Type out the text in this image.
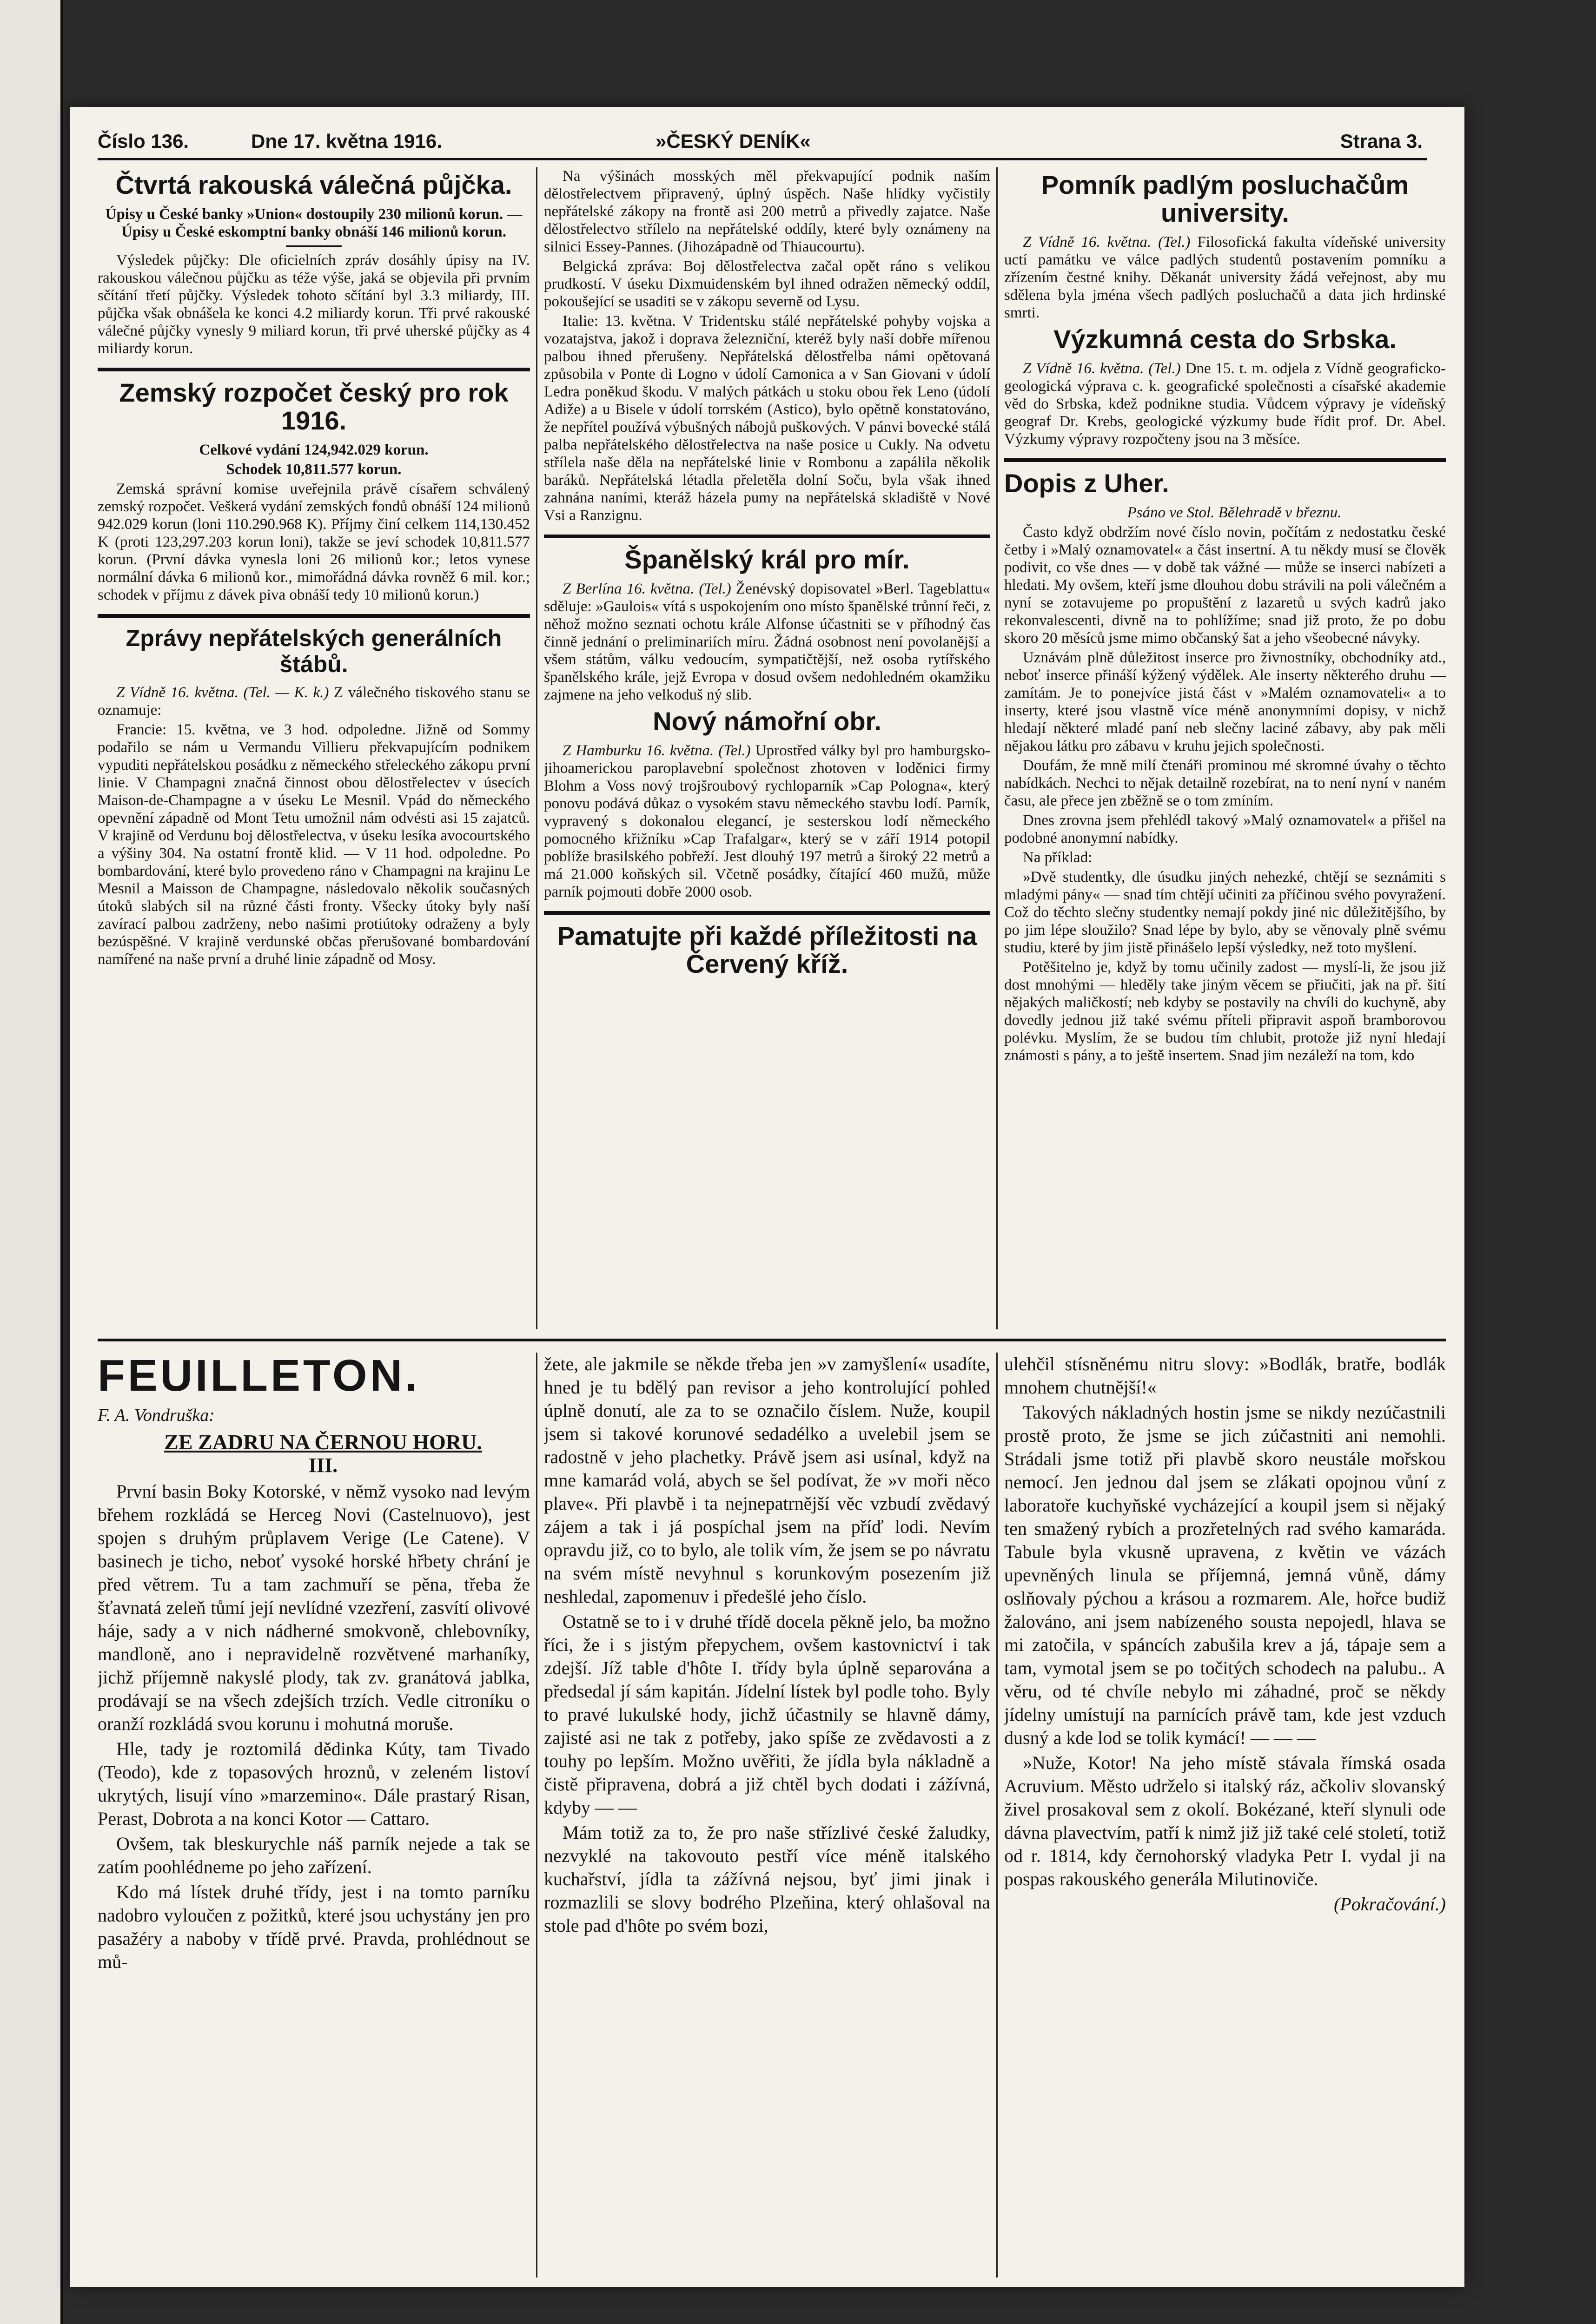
Číslo 136.	Dne 17. května 1916.	»ČESKÝ DENÍK«	Strana 3.
Čtvrtá rakouská válečná půjčka.

Úpisy u České banky »Union« dostoupily 230 milionů korun. — Úpisy u České eskomptní banky obnáší 146 milionů korun.

Výsledek půjčky: Dle oficielních zpráv dosáhly úpisy na IV. rakouskou válečnou půjčku as téže výše, jaká se objevila při prvním sčítání třetí půjčky. Výsledek tohoto sčítání byl 3.3 miliardy, III. půjčka však obnášela ke konci 4.2 miliardy korun. Tři prvé rakouské válečné půjčky vynesly 9 miliard korun, tři prvé uherské půjčky as 4 miliardy korun.

Zemský rozpočet český pro rok 1916.

Celkové vydání 124,942.029 korun.

Schodek 10,811.577 korun.

Zemská správní komise uveřejnila právě císařem schválený zemský rozpočet. Veškerá vydání zemských fondů obnáší 124 milionů 942.029 korun (loni 110.290.968 K). Příjmy činí celkem 114,130.452 K (proti 123,297.203 korun loni), takže se jeví schodek 10,811.577 korun. (První dávka vynesla loni 26 milionů kor.; letos vynese normální dávka 6 milionů kor., mimořádná dávka rovněž 6 mil. kor.; schodek v příjmu z dávek piva obnáší tedy 10 milionů korun.)

Zprávy nepřátelských generálních štábů.

Z Vídně 16. května. (Tel. — K. k.) Z válečného tiskového stanu se oznamuje:

Francie: 15. května, ve 3 hod. odpoledne. Jižně od Sommy podařilo se nám u Vermandu Villieru překvapujícím podnikem vypuditi nepřátelskou posádku z německého střeleckého zákopu první linie. V Champagni značná činnost obou dělostřelectev v úsecích Maison-de-Champagne a v úseku Le Mesnil. Vpád do německého opevnění západně od Mont Tetu umožnil nám odvésti asi 15 zajatců. V krajině od Verdunu boj dělostřelectva, v úseku lesíka avocourtského a výšiny 304. Na ostatní frontě klid. — V 11 hod. odpoledne. Po bombardování, které bylo provedeno ráno v Champagni na krajinu Le Mesnil a Maisson de Champagne, následovalo několik současných útoků slabých sil na různé části fronty. Všecky útoky byly naší zavírací palbou zadrženy, nebo našimi protiútoky odraženy a byly bezúspěšné. V krajině verdunské občas přerušované bombardování namířené na naše první a druhé linie západně od Mosy.

Na výšinách mosských měl překvapující podnik naším dělostřelectvem připravený, úplný úspěch. Naše hlídky vyčistily nepřátelské zákopy na frontě asi 200 metrů a přivedly zajatce. Naše dělostřelectvo střílelo na nepřátelské oddíly, které byly oznámeny na silnici Essey-Pannes. (Jihozápadně od Thiaucourtu).

Belgická zpráva: Boj dělostřelectva začal opět ráno s velikou prudkostí. V úseku Dixmuidenském byl ihned odražen německý oddíl, pokoušející se usaditi se v zákopu severně od Lysu.

Italie: 13. května. V Tridentsku stálé nepřátelské pohyby vojska a vozatajstva, jakož i doprava železniční, kteréž byly naší dobře mířenou palbou ihned přerušeny. Nepřátelská dělostřelba námi opětovaná způsobila v Ponte di Logno v údolí Camonica a v San Giovani v údolí Ledra poněkud škodu. V malých pátkách u stoku obou řek Leno (údolí Adiže) a u Bisele v údolí torrském (Astico), bylo opětně konstatováno, že nepřítel používá výbušných nábojů puškových. V pánvi bovecké stálá palba nepřátelského dělostřelectva na naše posice u Cukly. Na odvetu střílela naše děla na nepřátelské linie v Rombonu a zapálila několik baráků. Nepřátelská létadla přeletěla dolní Soču, byla však ihned zahnána naními, kteráž házela pumy na nepřátelská skladiště v Nové Vsi a Ranzignu.

Španělský král pro mír.

Z Berlína 16. května. (Tel.) Ženévský dopisovatel »Berl. Tageblattu« sděluje: »Gaulois« vítá s uspokojením ono místo španělské trůnní řeči, z něhož možno seznati ochotu krále Alfonse účastniti se v příhodný čas činně jednání o preliminariích míru. Žádná osobnost není povolanější a všem státům, válku vedoucím, sympatičtější, než osoba rytířského španělského krále, jejž Evropa v dosud ovšem nedohledném okamžiku zajmene na jeho velkoduš ný slib.

Nový námořní obr.

Z Hamburku 16. května. (Tel.) Uprostřed války byl pro hamburgsko-jihoamerickou paroplavební společnost zhotoven v loděnici firmy Blohm a Voss nový trojšroubový rychloparník »Cap Pologna«, který ponovu podává důkaz o vysokém stavu německého stavbu lodí. Parník, vypravený s dokonalou elegancí, je sesterskou lodí německého pomocného křižníku »Cap Trafalgar«, který se v září 1914 potopil poblíže brasilského pobřeží. Jest dlouhý 197 metrů a široký 22 metrů a má 21.000 koňských sil. Včetně posádky, čítající 460 mužů, může parník pojmouti dobře 2000 osob.

Pamatujte při každé příležitosti na Červený kříž.
Pomník padlým posluchačům university.

Z Vídně 16. května. (Tel.) Filosofická fakulta vídeňské university uctí památku ve válce padlých studentů postavením pomníku a zřízením čestné knihy. Děkanát university žádá veřejnost, aby mu sdělena byla jména všech padlých posluchačů a data jich hrdinské smrti.

Výzkumná cesta do Srbska.

Z Vídně 16. května. (Tel.) Dne 15. t. m. odjela z Vídně geograficko-geologická výprava c. k. geografické společnosti a císařské akademie věd do Srbska, kdež podnikne studia. Vůdcem výpravy je vídeňský geograf Dr. Krebs, geologické výzkumy bude řídit prof. Dr. Abel. Výzkumy výpravy rozpočteny jsou na 3 měsíce.

Dopis z Uher.

Psáno ve Stol. Bělehradě v březnu.

Často když obdržím nové číslo novin, počítám z nedostatku české četby i »Malý oznamovatel« a část insertní. A tu někdy musí se člověk podivit, co vše dnes — v době tak vážné — může se inserci nabízeti a hledati. My ovšem, kteří jsme dlouhou dobu strávili na poli válečném a nyní se zotavujeme po propuštění z lazaretů u svých kadrů jako rekonvalescenti, divně na to pohlížíme; snad již proto, že po dobu skoro 20 měsíců jsme mimo občanský šat a jeho všeobecné návyky.

Uznávám plně důležitost inserce pro živnostníky, obchodníky atd., neboť inserce přináší kýžený výdělek. Ale inserty některého druhu — zamítám. Je to ponejvíce jistá část v »Malém oznamovateli« a to inserty, které jsou vlastně více méně anonymními dopisy, v nichž hledají některé mladé paní neb slečny laciné zábavy, aby pak měli nějakou látku pro zábavu v kruhu jejich společnosti.

Doufám, že mně milí čtenáři prominou mé skromné úvahy o těchto nabídkách. Nechci to nějak detailně rozebírat, na to není nyní v naném času, ale přece jen zběžně se o tom zmíním.

Dnes zrovna jsem přehlédl takový »Malý oznamovatel« a přišel na podobné anonymní nabídky.

Na příklad:

»Dvě studentky, dle úsudku jiných nehezké, chtějí se seznámiti s mladými pány« — snad tím chtějí učiniti za příčinou svého povyražení. Což do těchto slečny studentky nemají pokdy jiné nic důležitějšího, by po jim lépe sloužilo? Snad lépe by bylo, aby se věnovaly plně svému studiu, které by jim jistě přinášelo lepší výsledky, než toto myšlení.

Potěšitelno je, když by tomu učinily zadost — myslí-li, že jsou již dost mnohými — hleděly take jiným věcem se přiučiti, jak na př. šití nějakých maličkostí; neb kdyby se postavily na chvíli do kuchyně, aby dovedly jednou již také svému příteli připravit aspoň bramborovou polévku. Myslím, že se budou tím chlubit, protože již nyní hledají známosti s pány, a to ještě insertem. Snad jim nezáleží na tom, kdo

FEUILLETON.

F. A. Vondruška:

ZE ZADRU NA ČERNOU HORU.

III.

První basin Boky Kotorské, v němž vysoko nad levým břehem rozkládá se Herceg Novi (Castelnuovo), jest spojen s druhým průplavem Verige (Le Catene). V basinech je ticho, neboť vysoké horské hřbety chrání je před větrem. Tu a tam zachmuří se pěna, třeba že šťavnatá zeleň tůmí její nevlídné vzezření, zasvítí olivové háje, sady a v nich nádherné smokvoně, chlebovníky, mandloně, ano i nepravidelně rozvětvené marhaníky, jichž příjemně nakyslé plody, tak zv. granátová jablka, prodávají se na všech zdejších trzích. Vedle citroníku o oranží rozkládá svou korunu i mohutná moruše.

Hle, tady je roztomilá dědinka Kúty, tam Tivado (Teodo), kde z topasových hroznů, v zeleném listoví ukrytých, lisují víno »marzemino«. Dále prastarý Risan, Perast, Dobrota a na konci Kotor — Cattaro.

Ovšem, tak bleskurychle náš parník nejede a tak se zatím poohlédneme po jeho zařízení.

Kdo má lístek druhé třídy, jest i na tomto parníku nadobro vyloučen z požitků, které jsou uchystány jen pro pasažéry a naboby v třídě prvé. Pravda, prohlédnout se mů-

žete, ale jakmile se někde třeba jen »v zamyšlení« usadíte, hned je tu bdělý pan revisor a jeho kontrolující pohled úplně donutí, ale za to se označilo číslem. Nuže, koupil jsem si takové korunové sedadélko a uvelebil jsem se radostně v jeho plachetky. Právě jsem asi usínal, když na mne kamarád volá, abych se šel podívat, že »v moři něco plave«. Při plavbě i ta nejnepatrnější věc vzbudí zvědavý zájem a tak i já pospíchal jsem na příď lodi. Nevím opravdu již, co to bylo, ale tolik vím, že jsem se po návratu na svém místě nevyhnul s korunkovým posezením již neshledal, zapomenuv i předešlé jeho číslo.

Ostatně se to i v druhé třídě docela pěkně jelo, ba možno říci, že i s jistým přepychem, ovšem kastovnictví i tak zdejší. Jíž table d'hôte I. třídy byla úplně separována a předsedal jí sám kapitán. Jídelní lístek byl podle toho. Byly to pravé lukulské hody, jichž účastnily se hlavně dámy, zajisté asi ne tak z potřeby, jako spíše ze zvědavosti a z touhy po lepším. Možno uvěřiti, že jídla byla nákladně a čistě připravena, dobrá a již chtěl bych dodati i zážívná, kdyby — —

Mám totiž za to, že pro naše střízlivé české žaludky, nezvyklé na takovouto pestří více méně italského kuchařství, jídla ta zážívná nejsou, byť jimi jinak i rozmazlili se slovy bodrého Plzeňina, který ohlašoval na stole pad d'hôte po svém bozi,

ulehčil stísněnému nitru slovy: »Bodlák, bratře, bodlák mnohem chutnější!«

Takových nákladných hostin jsme se nikdy nezúčastnili prostě proto, že jsme se jich zúčastniti ani nemohli. Strádali jsme totiž při plavbě skoro neustále mořskou nemocí. Jen jednou dal jsem se zlákati opojnou vůní z laboratoře kuchyňské vycházející a koupil jsem si nějaký ten smažený rybích a prozřetelných rad svého kamaráda. Tabule byla vkusně upravena, z květin ve vázách upevněných linula se příjemná, jemná vůně, dámy oslňovaly pýchou a krásou a rozmarem. Ale, hořce budiž žalováno, ani jsem nabízeného sousta nepojedl, hlava se mi zatočila, v spáncích zabušila krev a já, tápaje sem a tam, vymotal jsem se po točitých schodech na palubu.. A věru, od té chvíle nebylo mi záhadné, proč se někdy jídelny umístují na parnících právě tam, kde jest vzduch dusný a kde lod se tolik kymácí! — — —

»Nuže, Kotor! Na jeho místě stávala římská osada Acruvium. Město udrželo si italský ráz, ačkoliv slovanský živel prosakoval sem z okolí. Bokézané, kteří slynuli ode dávna plavectvím, patří k nimž již již také celé století, totiž od r. 1814, kdy černohorský vladyka Petr I. vydal ji na pospas rakouského generála Milutinoviče.

(Pokračování.)
